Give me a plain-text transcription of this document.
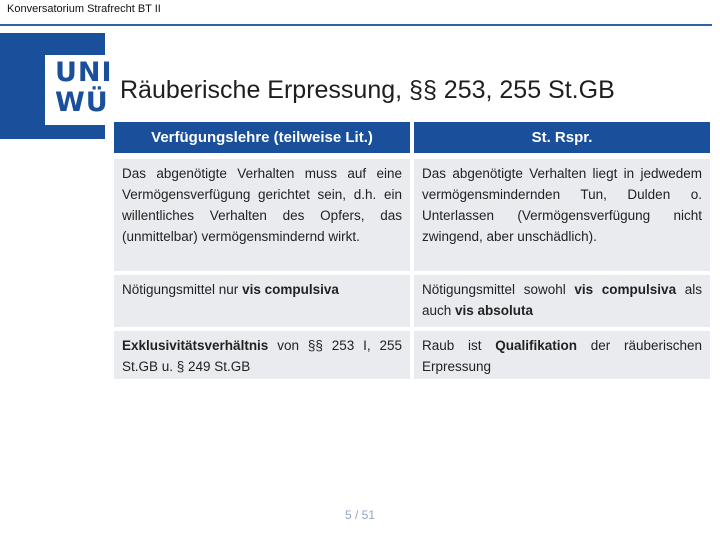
Konversatorium Strafrecht BT II
UNI
WÜ Räuberische Erpressung, §§ 253, 255 St.GB
Verfügungslehre (teilweise Lit.)	St. Rspr.
Das abgenötigte Verhalten muss auf eine Vermögensverfügung gerichtet sein, d.h. ein willentliches Verhalten des Opfers, das (unmittelbar) vermögensmindernd wirkt.
Das abgenötigte Verhalten liegt in jedwedem vermögensmindernden Tun, Dulden o. Unterlassen (Vermögensverfügung nicht zwingend, aber unschädlich).
Nötigungsmittel nur vis compulsiva	Nötigungsmittel sowohl vis compulsiva als auch vis absoluta
Exklusivitätsverhältnis von §§ 253 I, 255 St.GB u. § 249 St.GB
Raub ist Qualifikation der räuberischen Erpressung
5 / 51
